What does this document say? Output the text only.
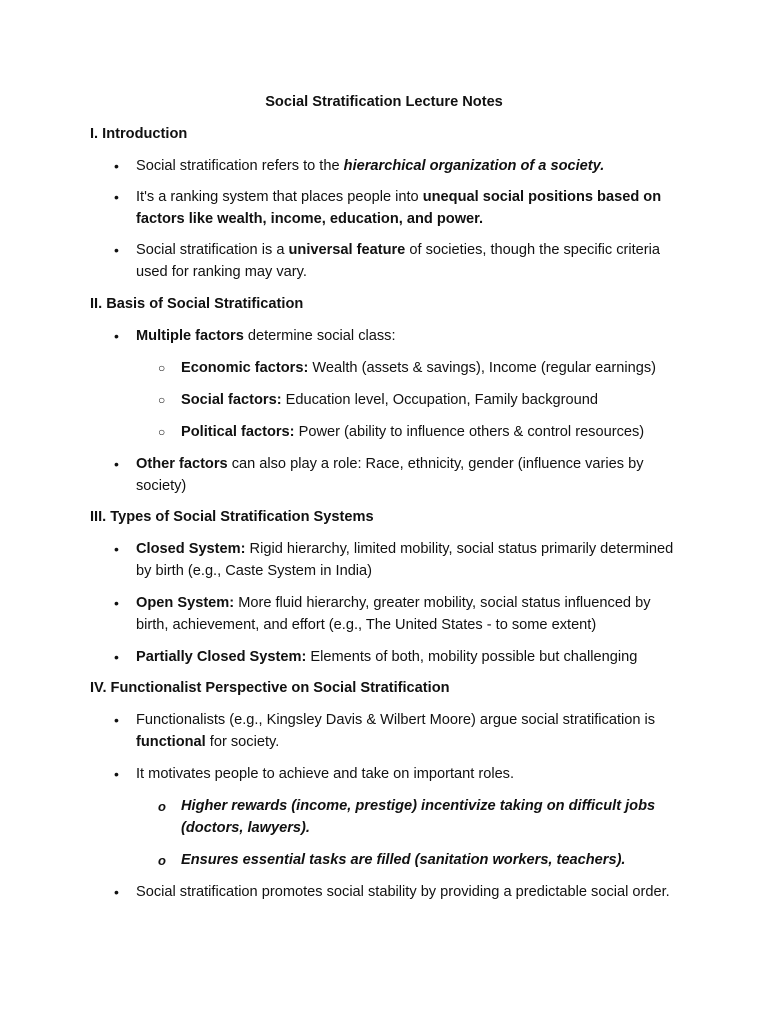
Social Stratification Lecture Notes
I. Introduction
• Social stratification refers to the hierarchical organization of a society.
• It's a ranking system that places people into unequal social positions based on factors like wealth, income, education, and power.
• Social stratification is a universal feature of societies, though the specific criteria used for ranking may vary.
II. Basis of Social Stratification
• Multiple factors determine social class:
○ Economic factors: Wealth (assets & savings), Income (regular earnings)
○ Social factors: Education level, Occupation, Family background
○ Political factors: Power (ability to influence others & control resources)
• Other factors can also play a role: Race, ethnicity, gender (influence varies by society)
III. Types of Social Stratification Systems
• Closed System: Rigid hierarchy, limited mobility, social status primarily determined by birth (e.g., Caste System in India)
• Open System: More fluid hierarchy, greater mobility, social status influenced by birth, achievement, and effort (e.g., The United States - to some extent)
• Partially Closed System: Elements of both, mobility possible but challenging
IV. Functionalist Perspective on Social Stratification
• Functionalists (e.g., Kingsley Davis & Wilbert Moore) argue social stratification is functional for society.
• It motivates people to achieve and take on important roles.
o Higher rewards (income, prestige) incentivize taking on difficult jobs (doctors, lawyers).
o Ensures essential tasks are filled (sanitation workers, teachers).
• Social stratification promotes social stability by providing a predictable social order.
